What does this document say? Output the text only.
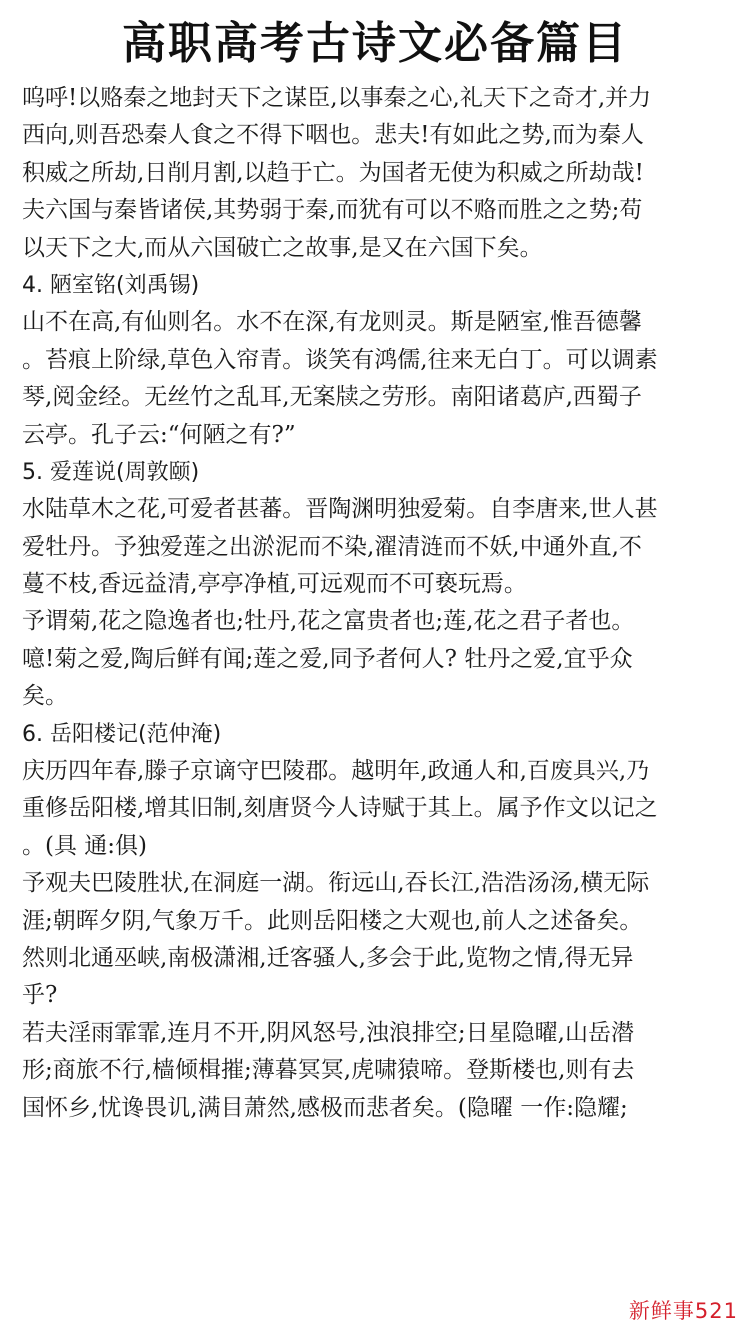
高职高考古诗文必备篇目
呜呼!以赂秦之地封天下之谋臣,以事秦之心,礼天下之奇才,并力
西向,则吾恐秦人食之不得下咽也。悲夫!有如此之势,而为秦人
积威之所劫,日削月割,以趋于亡。为国者无使为积威之所劫哉!
夫六国与秦皆诸侯,其势弱于秦,而犹有可以不赂而胜之之势;苟
以天下之大,而从六国破亡之故事,是又在六国下矣。
4. 陋室铭(刘禹锡)
山不在高,有仙则名。水不在深,有龙则灵。斯是陋室,惟吾德馨
。苔痕上阶绿,草色入帘青。谈笑有鸿儒,往来无白丁。可以调素
琴,阅金经。无丝竹之乱耳,无案牍之劳形。南阳诸葛庐,西蜀子
云亭。孔子云:“何陋之有?”
5. 爱莲说(周敦颐)
水陆草木之花,可爱者甚蕃。晋陶渊明独爱菊。自李唐来,世人甚
爱牡丹。予独爱莲之出淤泥而不染,濯清涟而不妖,中通外直,不
蔓不枝,香远益清,亭亭净植,可远观而不可亵玩焉。
予谓菊,花之隐逸者也;牡丹,花之富贵者也;莲,花之君子者也。
噫!菊之爱,陶后鲜有闻;莲之爱,同予者何人? 牡丹之爱,宜乎众
矣。
6. 岳阳楼记(范仲淹)
庆历四年春,滕子京谪守巴陵郡。越明年,政通人和,百废具兴,乃
重修岳阳楼,增其旧制,刻唐贤今人诗赋于其上。属予作文以记之
。(具 通:俱)
予观夫巴陵胜状,在洞庭一湖。衔远山,吞长江,浩浩汤汤,横无际
涯;朝晖夕阴,气象万千。此则岳阳楼之大观也,前人之述备矣。
然则北通巫峡,南极潇湘,迁客骚人,多会于此,览物之情,得无异
乎?
若夫淫雨霏霏,连月不开,阴风怒号,浊浪排空;日星隐曜,山岳潜
形;商旅不行,樯倾楫摧;薄暮冥冥,虎啸猿啼。登斯楼也,则有去
国怀乡,忧谗畏讥,满目萧然,感极而悲者矣。(隐曜 一作:隐耀;
新鲜事521
